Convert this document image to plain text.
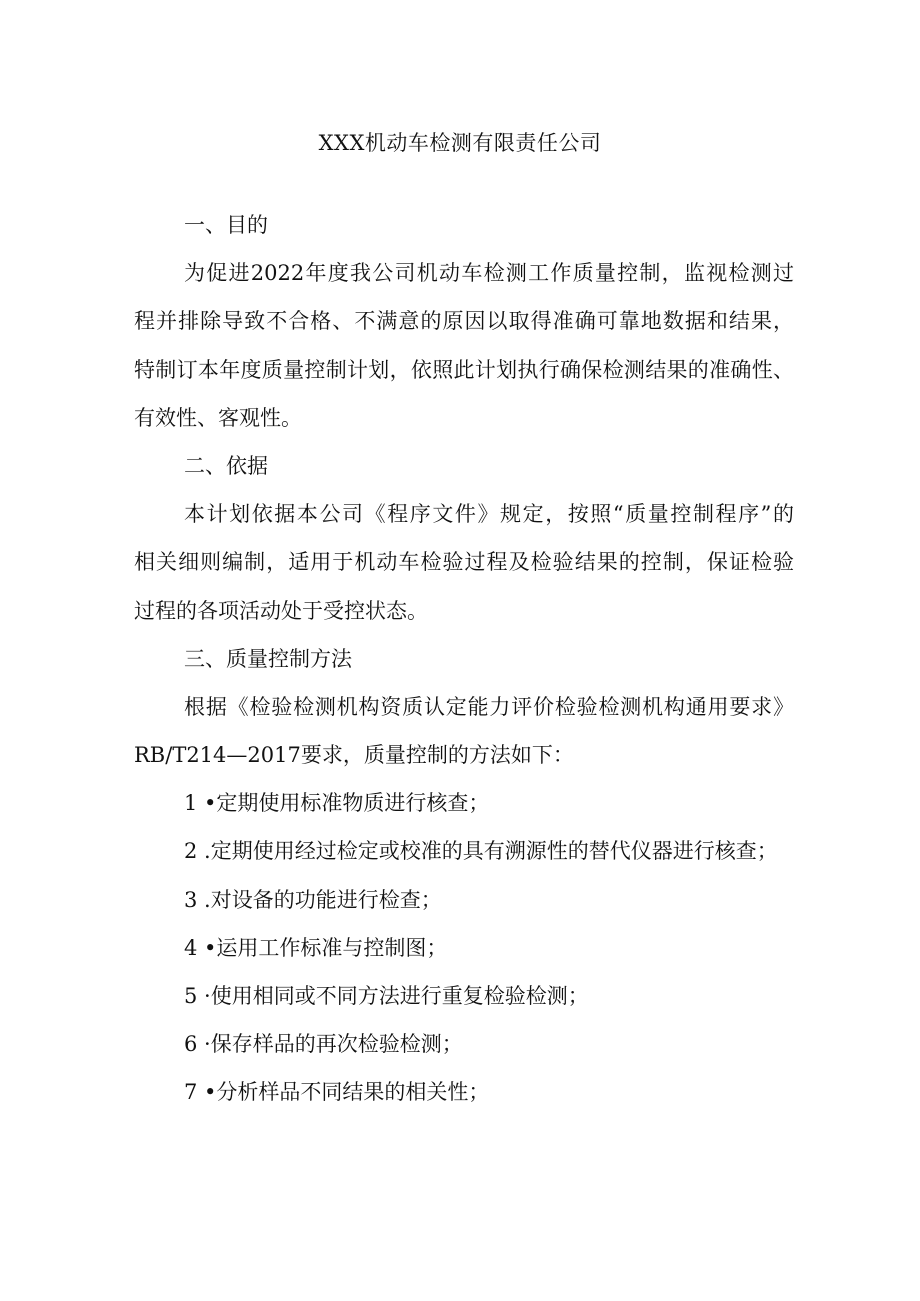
XXX机动车检测有限责任公司
一、目的
为促进2022年度我公司机动车检测工作质量控制，监视检测过
程并排除导致不合格、不满意的原因以取得准确可靠地数据和结果，
特制订本年度质量控制计划，依照此计划执行确保检测结果的准确性、
有效性、客观性。
二、依据
本计划依据本公司《程序文件》规定，按照“质量控制程序”的
相关细则编制，适用于机动车检验过程及检验结果的控制，保证检验
过程的各项活动处于受控状态。
三、质量控制方法
根据《检验检测机构资质认定能力评价检验检测机构通用要求》
RB/T214—2017要求，质量控制的方法如下：
1 •定期使用标准物质进行核查；
2 .定期使用经过检定或校准的具有溯源性的替代仪器进行核查；
3 .对设备的功能进行检查；
4 •运用工作标准与控制图；
5 ·使用相同或不同方法进行重复检验检测；
6 ·保存样品的再次检验检测；
7 •分析样品不同结果的相关性；
